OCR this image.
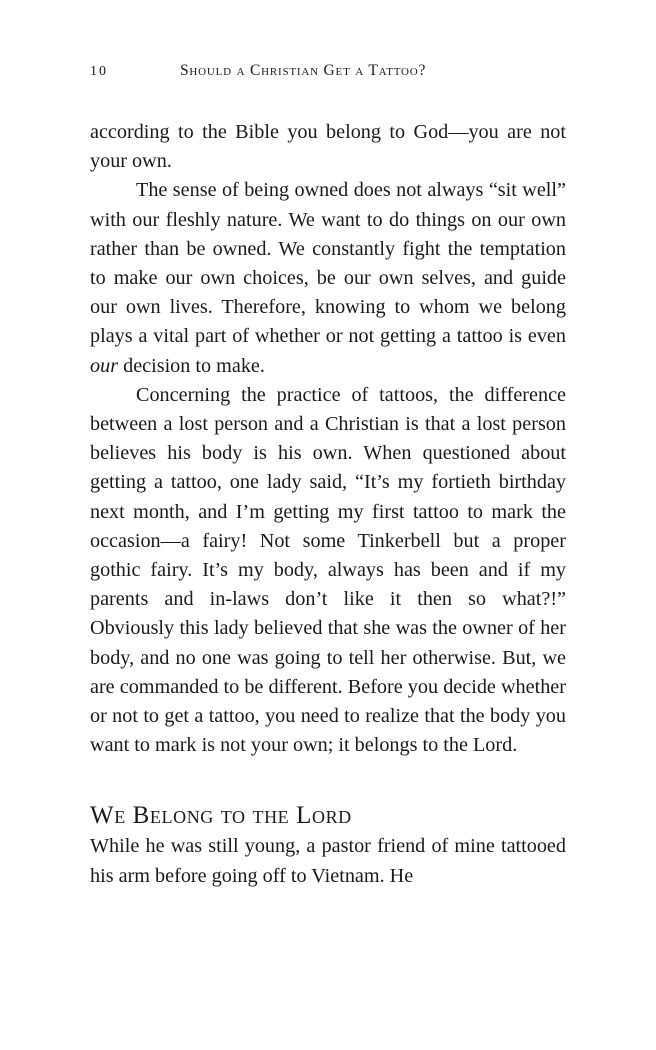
10	Should a Christian Get a Tattoo?

according to the Bible you belong to God—you are not your own.

The sense of being owned does not always “sit well” with our fleshly nature. We want to do things on our own rather than be owned. We constantly fight the temptation to make our own choices, be our own selves, and guide our own lives. Therefore, knowing to whom we belong plays a vital part of whether or not getting a tattoo is even our decision to make.

Concerning the practice of tattoos, the difference between a lost person and a Christian is that a lost person believes his body is his own. When questioned about getting a tattoo, one lady said, “It’s my fortieth birthday next month, and I’m getting my first tattoo to mark the occasion—a fairy! Not some Tinkerbell but a proper gothic fairy. It’s my body, always has been and if my parents and in-laws don’t like it then so what?!” Obviously this lady believed that she was the owner of her body, and no one was going to tell her otherwise. But, we are commanded to be different. Before you decide whether or not to get a tattoo, you need to realize that the body you want to mark is not your own; it belongs to the Lord.

We Belong to the Lord

While he was still young, a pastor friend of mine tattooed his arm before going off to Vietnam. He
